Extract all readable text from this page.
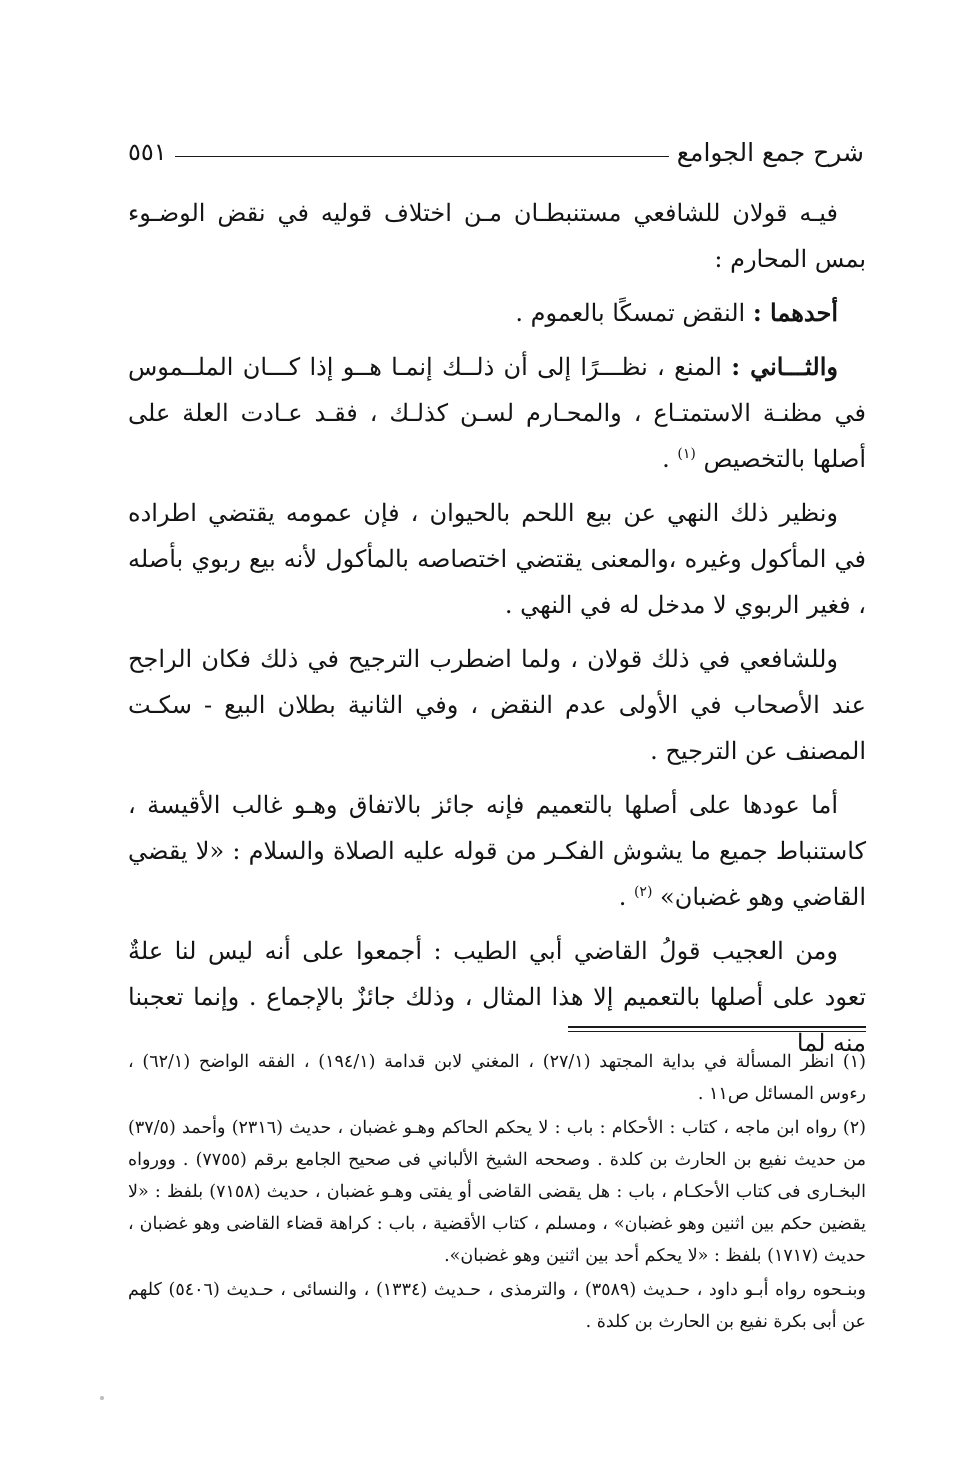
شرح جمع الجوامع
٥٥١

فيـه قولان للشافعي مستنبطـان مـن اختلاف قوليه في نقض الوضـوء بمس المحارم :

أحدهما : النقض تمسكًا بالعموم .

والثـــاني : المنع ، نظـــرًا إلى أن ذلــك إنمـا هــو إذا كـــان الملــموس في مظنـة الاستمتـاع ، والمحـارم لسـن كذلـك ، فقـد عـادت العلة على أصلها بالتخصيص $^{(١)}$ .

ونظير ذلك النهي عن بيع اللحم بالحيوان ، فإن عمومه يقتضي اطراده في المأكول وغيره ،والمعنى يقتضي اختصاصه بالمأكول لأنه بيع ربوي بأصله ، فغير الربوي لا مدخل له في النهي .

وللشافعي في ذلك قولان ، ولما اضطرب الترجيح في ذلك فكان الراجح عند الأصحاب في الأولى عدم النقض ، وفي الثانية بطلان البيع - سكـت المصنف عن الترجيح .

أما عودها على أصلها بالتعميم فإنه جائز بالاتفاق وهـو غالب الأقيسة ، كاستنباط جميع ما يشوش الفكـر من قوله عليه الصلاة والسلام : «لا يقضي القاضي وهو غضبان» $^{(٢)}$ .

ومن العجيب قولُ القاضي أبي الطيب : أجمعوا على أنه ليس لنا علةٌ تعود على أصلها بالتعميم إلا هذا المثال ، وذلك جائزٌ بالإجماع . وإنما تعجبنا منه لما

(١) انظر المسألة في بداية المجتهد (٢٧/١) ، المغني لابن قدامة (١٩٤/١) ، الفقه الواضح (٦٢/١) ، رءوس المسائل ص١١ .

(٢) رواه ابن ماجه ، كتاب : الأحكام : باب : لا يحكم الحاكم وهـو غضبان ، حديث (٢٣١٦) وأحمد (٣٧/٥) من حديث نفيع بن الحارث بن كلدة . وصححه الشيخ الألباني فى صحيح الجامع برقم (٧٧٥٥) . وورواه البخـارى فى كتاب الأحكـام ، باب : هل يقضى القاضى أو يفتى وهـو غضبان ، حديث (٧١٥٨) بلفظ : «لا يقضين حكم بين اثنين وهو غضبان» ، ومسلم ، كتاب الأقضية ، باب : كراهة قضاء القاضى وهو غضبان ، حديث (١٧١٧) بلفظ : «لا يحكم أحد بين اثنين وهو غضبان».

وبنـحوه رواه أبـو داود ، حـديث (٣٥٨٩) ، والترمذى ، حـديث (١٣٣٤) ، والنسائى ، حـديث (٥٤٠٦) كلهم عن أبى بكرة نفيع بن الحارث بن كلدة .
